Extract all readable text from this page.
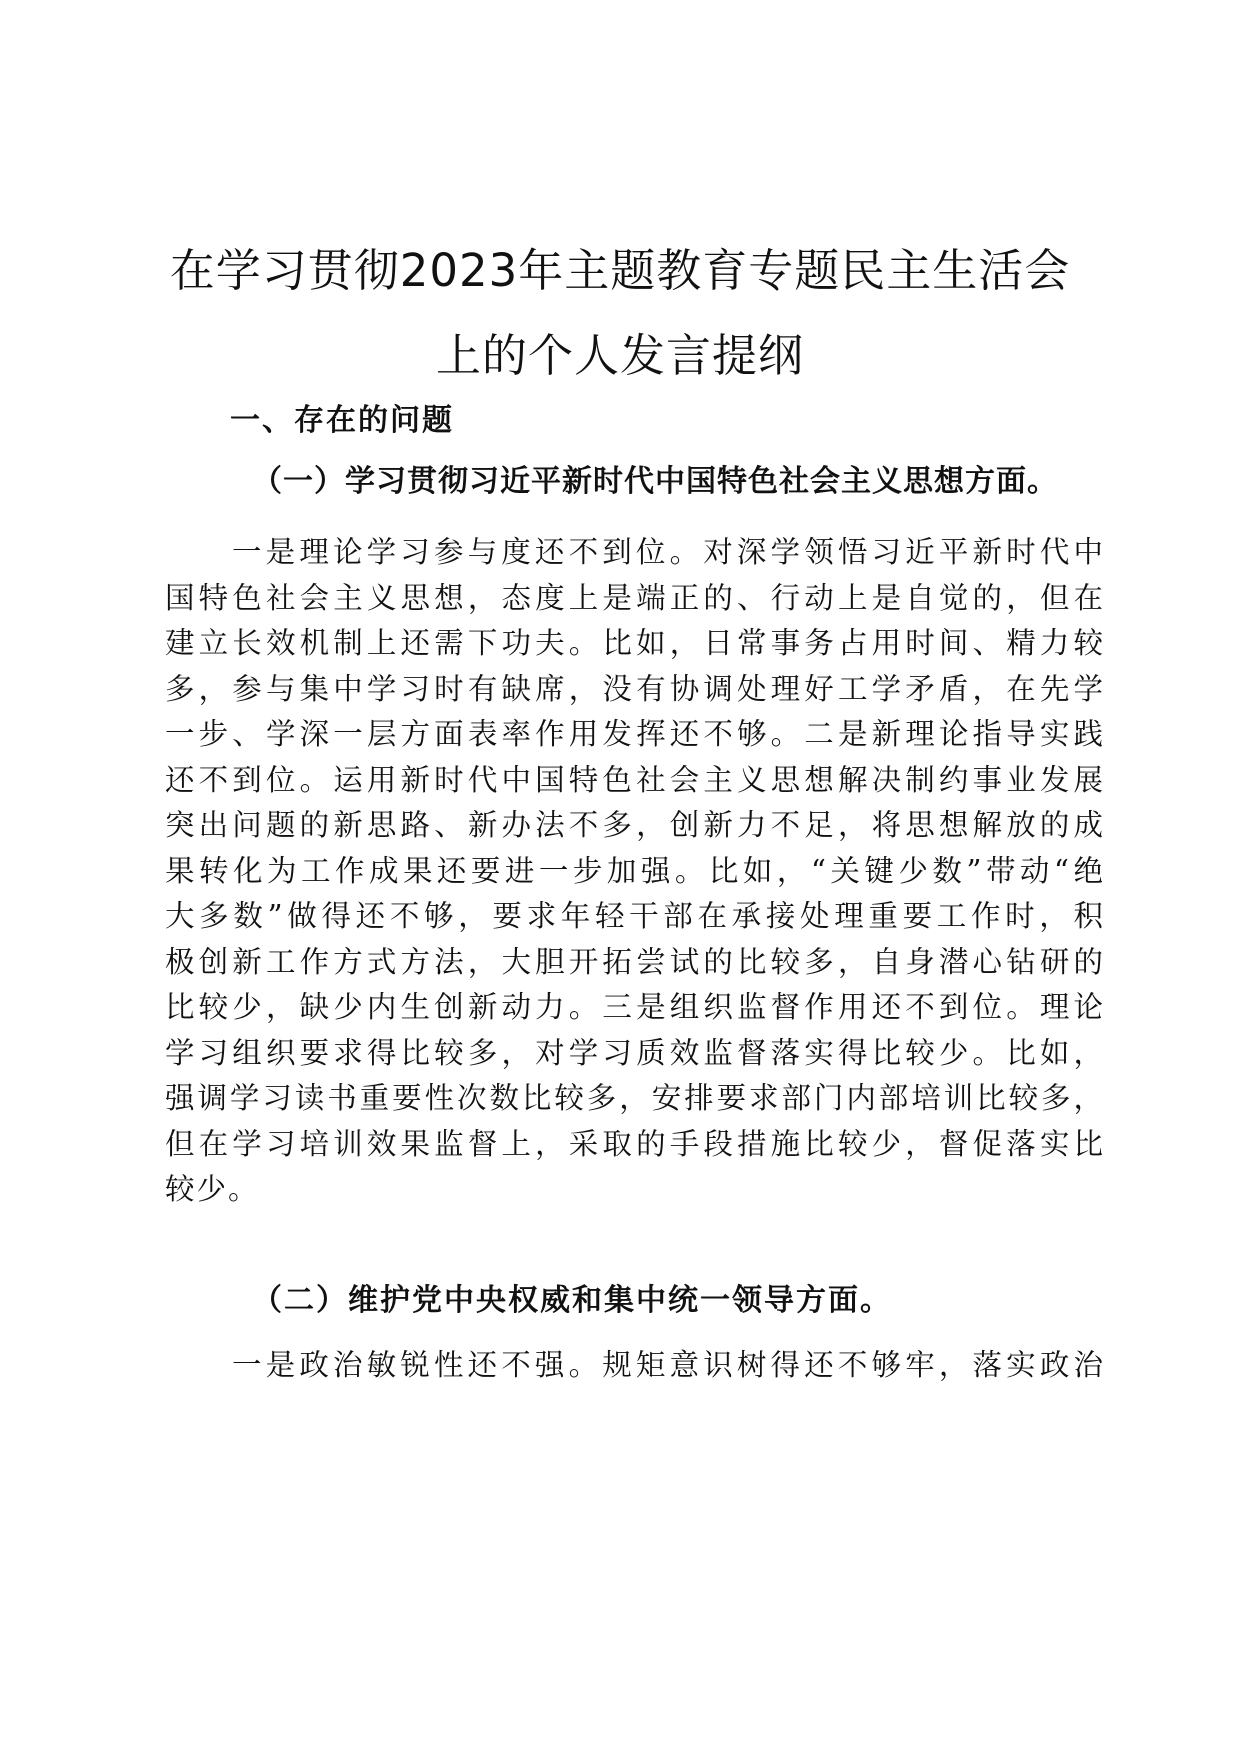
在学习贯彻2023年主题教育专题民主生活会
上的个人发言提纲
一、存在的问题
（一）学习贯彻习近平新时代中国特色社会主义思想方面。
一是理论学习参与度还不到位。对深学领悟习近平新时代中
国特色社会主义思想，态度上是端正的、行动上是自觉的，但在
建立长效机制上还需下功夫。比如，日常事务占用时间、精力较
多，参与集中学习时有缺席，没有协调处理好工学矛盾，在先学
一步、学深一层方面表率作用发挥还不够。二是新理论指导实践
还不到位。运用新时代中国特色社会主义思想解决制约事业发展
突出问题的新思路、新办法不多，创新力不足，将思想解放的成
果转化为工作成果还要进一步加强。比如，“关键少数”带动“绝
大多数”做得还不够，要求年轻干部在承接处理重要工作时，积
极创新工作方式方法，大胆开拓尝试的比较多，自身潜心钻研的
比较少，缺少内生创新动力。三是组织监督作用还不到位。理论
学习组织要求得比较多，对学习质效监督落实得比较少。比如，
强调学习读书重要性次数比较多，安排要求部门内部培训比较多，
但在学习培训效果监督上，采取的手段措施比较少，督促落实比
较少。
（二）维护党中央权威和集中统一领导方面。
一是政治敏锐性还不强。规矩意识树得还不够牢，落实政治
